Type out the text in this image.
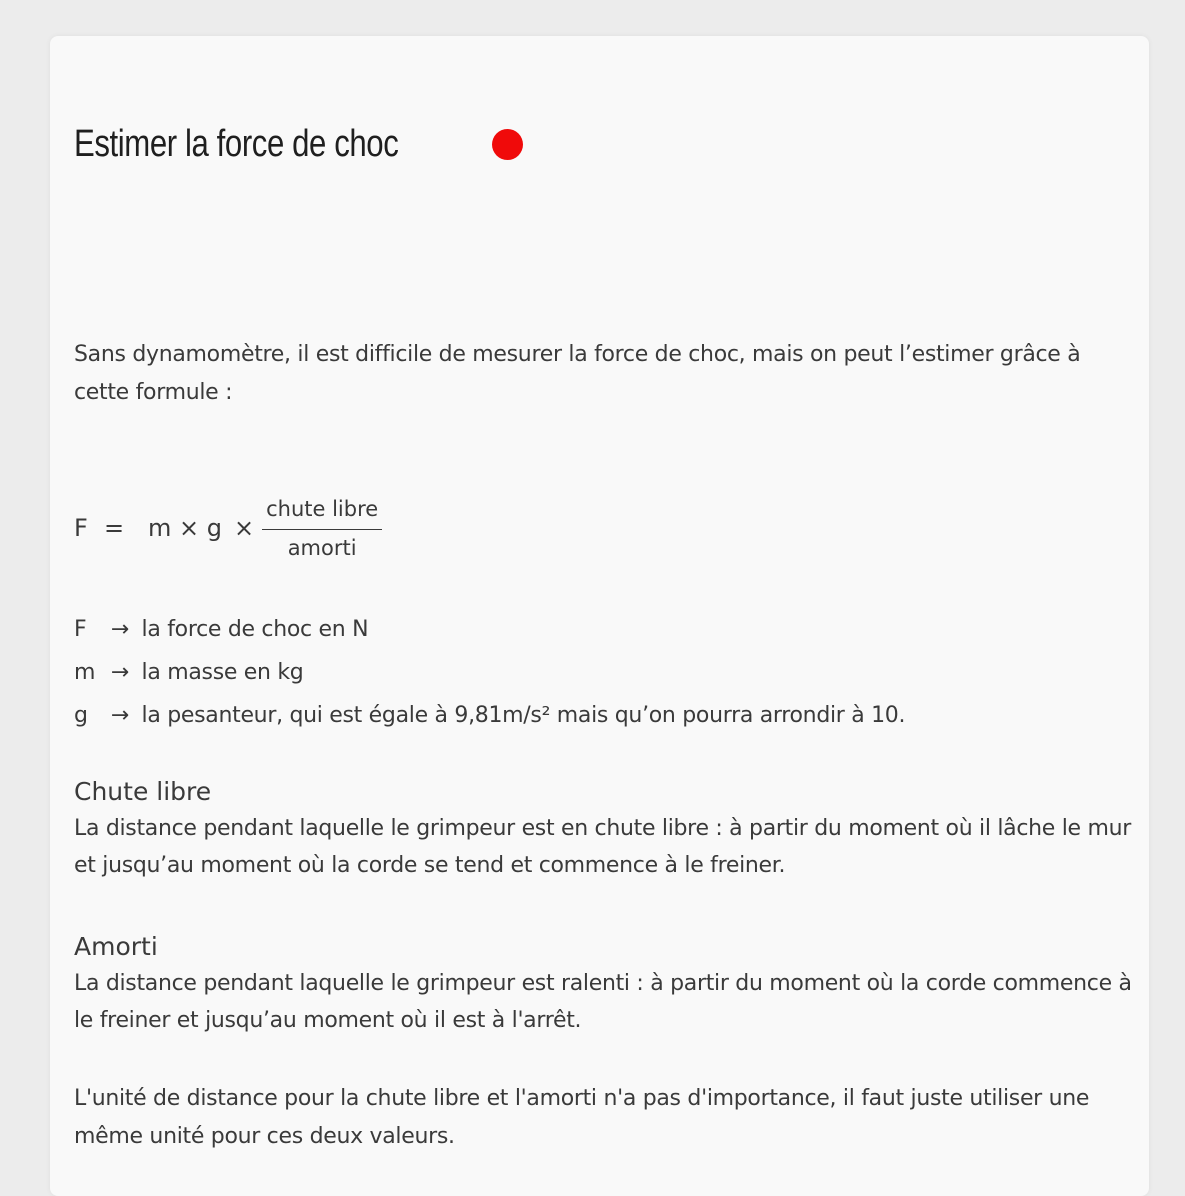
Estimer la force de choc

Sans dynamomètre, il est difficile de mesurer la force de choc, mais on peut l’estimer grâce à cette formule :

$F = m \times g \times \frac{\text{chute libre}}{\text{amorti}}$
F → la force de choc en N
m → la masse en kg
g → la pesanteur, qui est égale à 9,81m/s² mais qu’on pourra arrondir à 10.
Chute libre
La distance pendant laquelle le grimpeur est en chute libre : à partir du moment où il lâche le mur et jusqu’au moment où la corde se tend et commence à le freiner.
Amorti
La distance pendant laquelle le grimpeur est ralenti : à partir du moment où la corde commence à le freiner et jusqu’au moment où il est à l'arrêt.

L'unité de distance pour la chute libre et l'amorti n'a pas d'importance, il faut juste utiliser une même unité pour ces deux valeurs.
